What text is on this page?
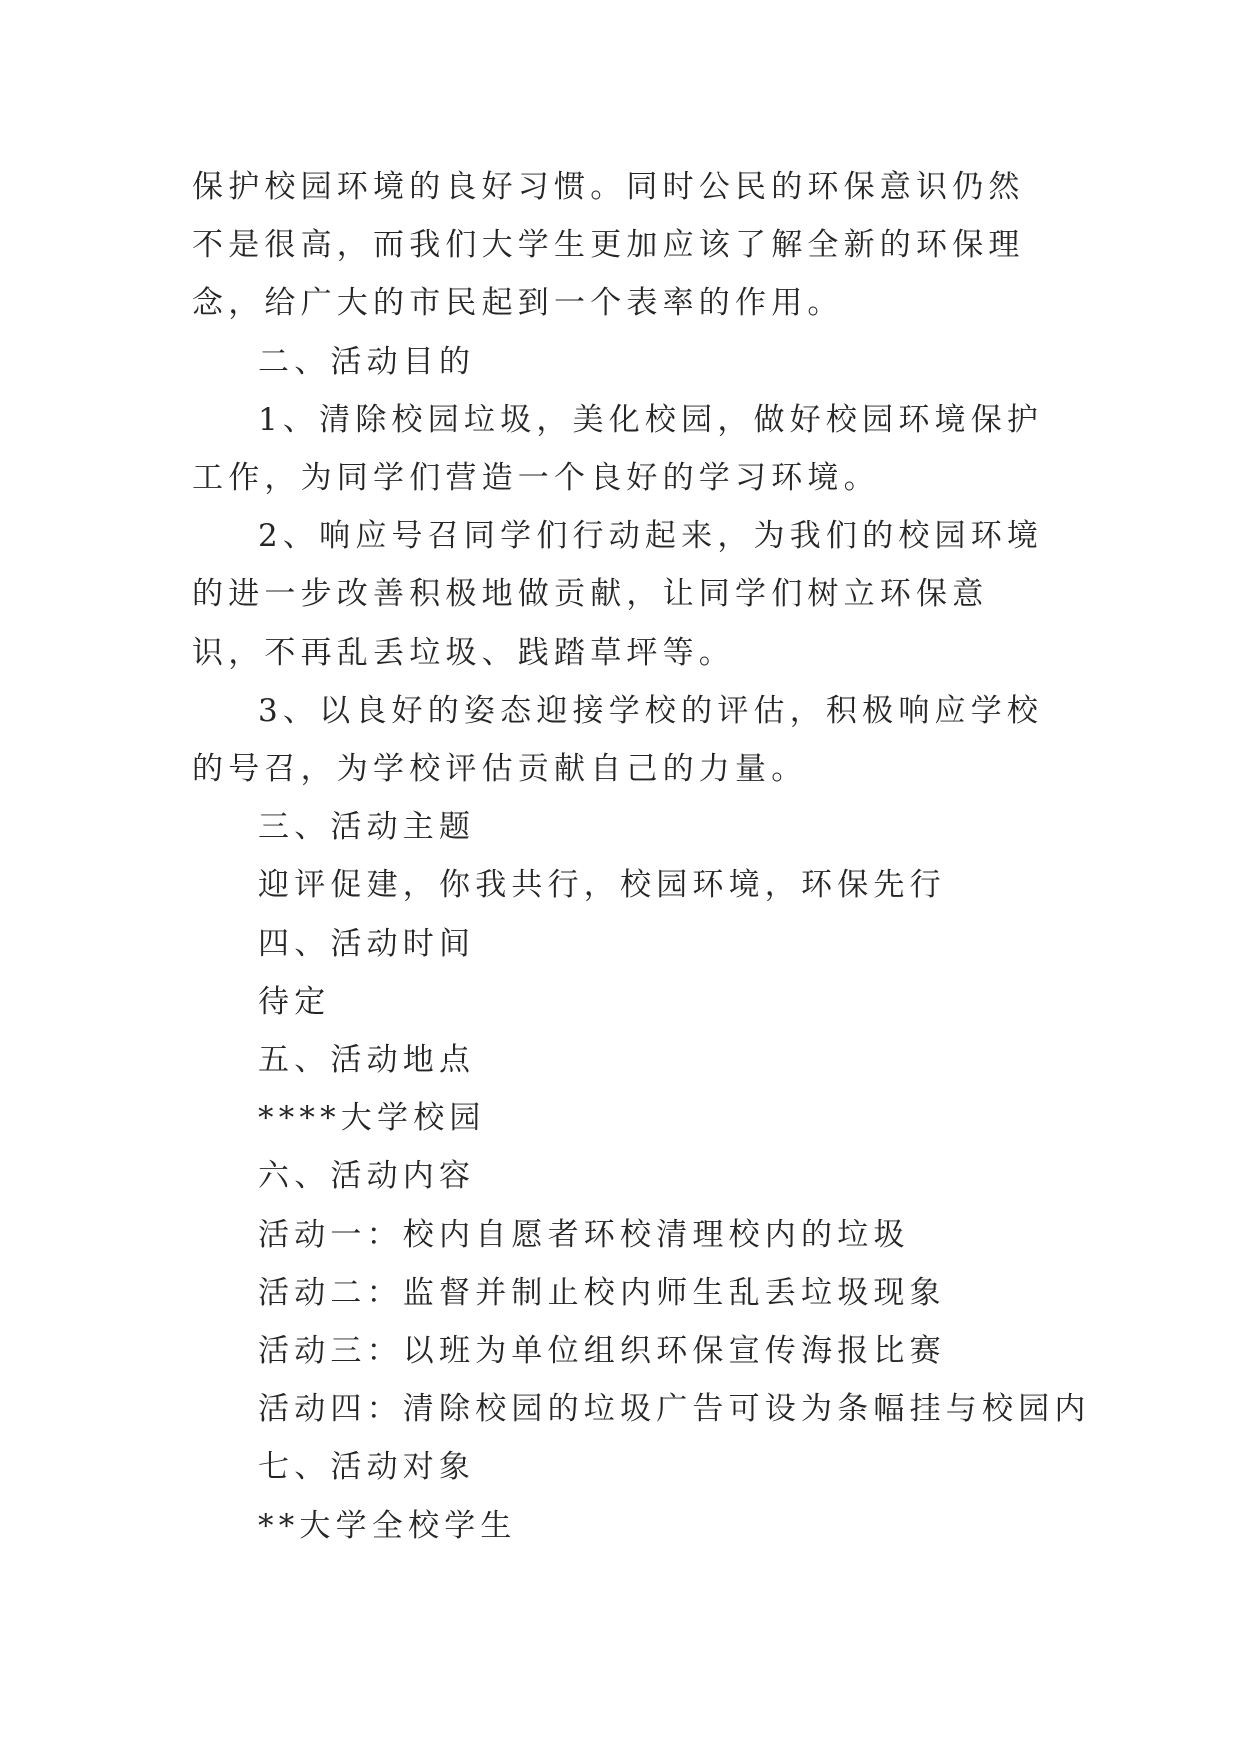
保护校园环境的良好习惯。同时公民的环保意识仍然不是很高，而我们大学生更加应该了解全新的环保理念，给广大的市民起到一个表率的作用。

二、活动目的

1、清除校园垃圾，美化校园，做好校园环境保护工作，为同学们营造一个良好的学习环境。

2、响应号召同学们行动起来，为我们的校园环境的进一步改善积极地做贡献，让同学们树立环保意识，不再乱丢垃圾、践踏草坪等。

3、以良好的姿态迎接学校的评估，积极响应学校的号召，为学校评估贡献自己的力量。

三、活动主题

迎评促建，你我共行，校园环境，环保先行

四、活动时间

待定

五、活动地点

****大学校园

六、活动内容

活动一：校内自愿者环校清理校内的垃圾

活动二：监督并制止校内师生乱丢垃圾现象

活动三：以班为单位组织环保宣传海报比赛

活动四：清除校园的垃圾广告可设为条幅挂与校园内

七、活动对象

**大学全校学生
